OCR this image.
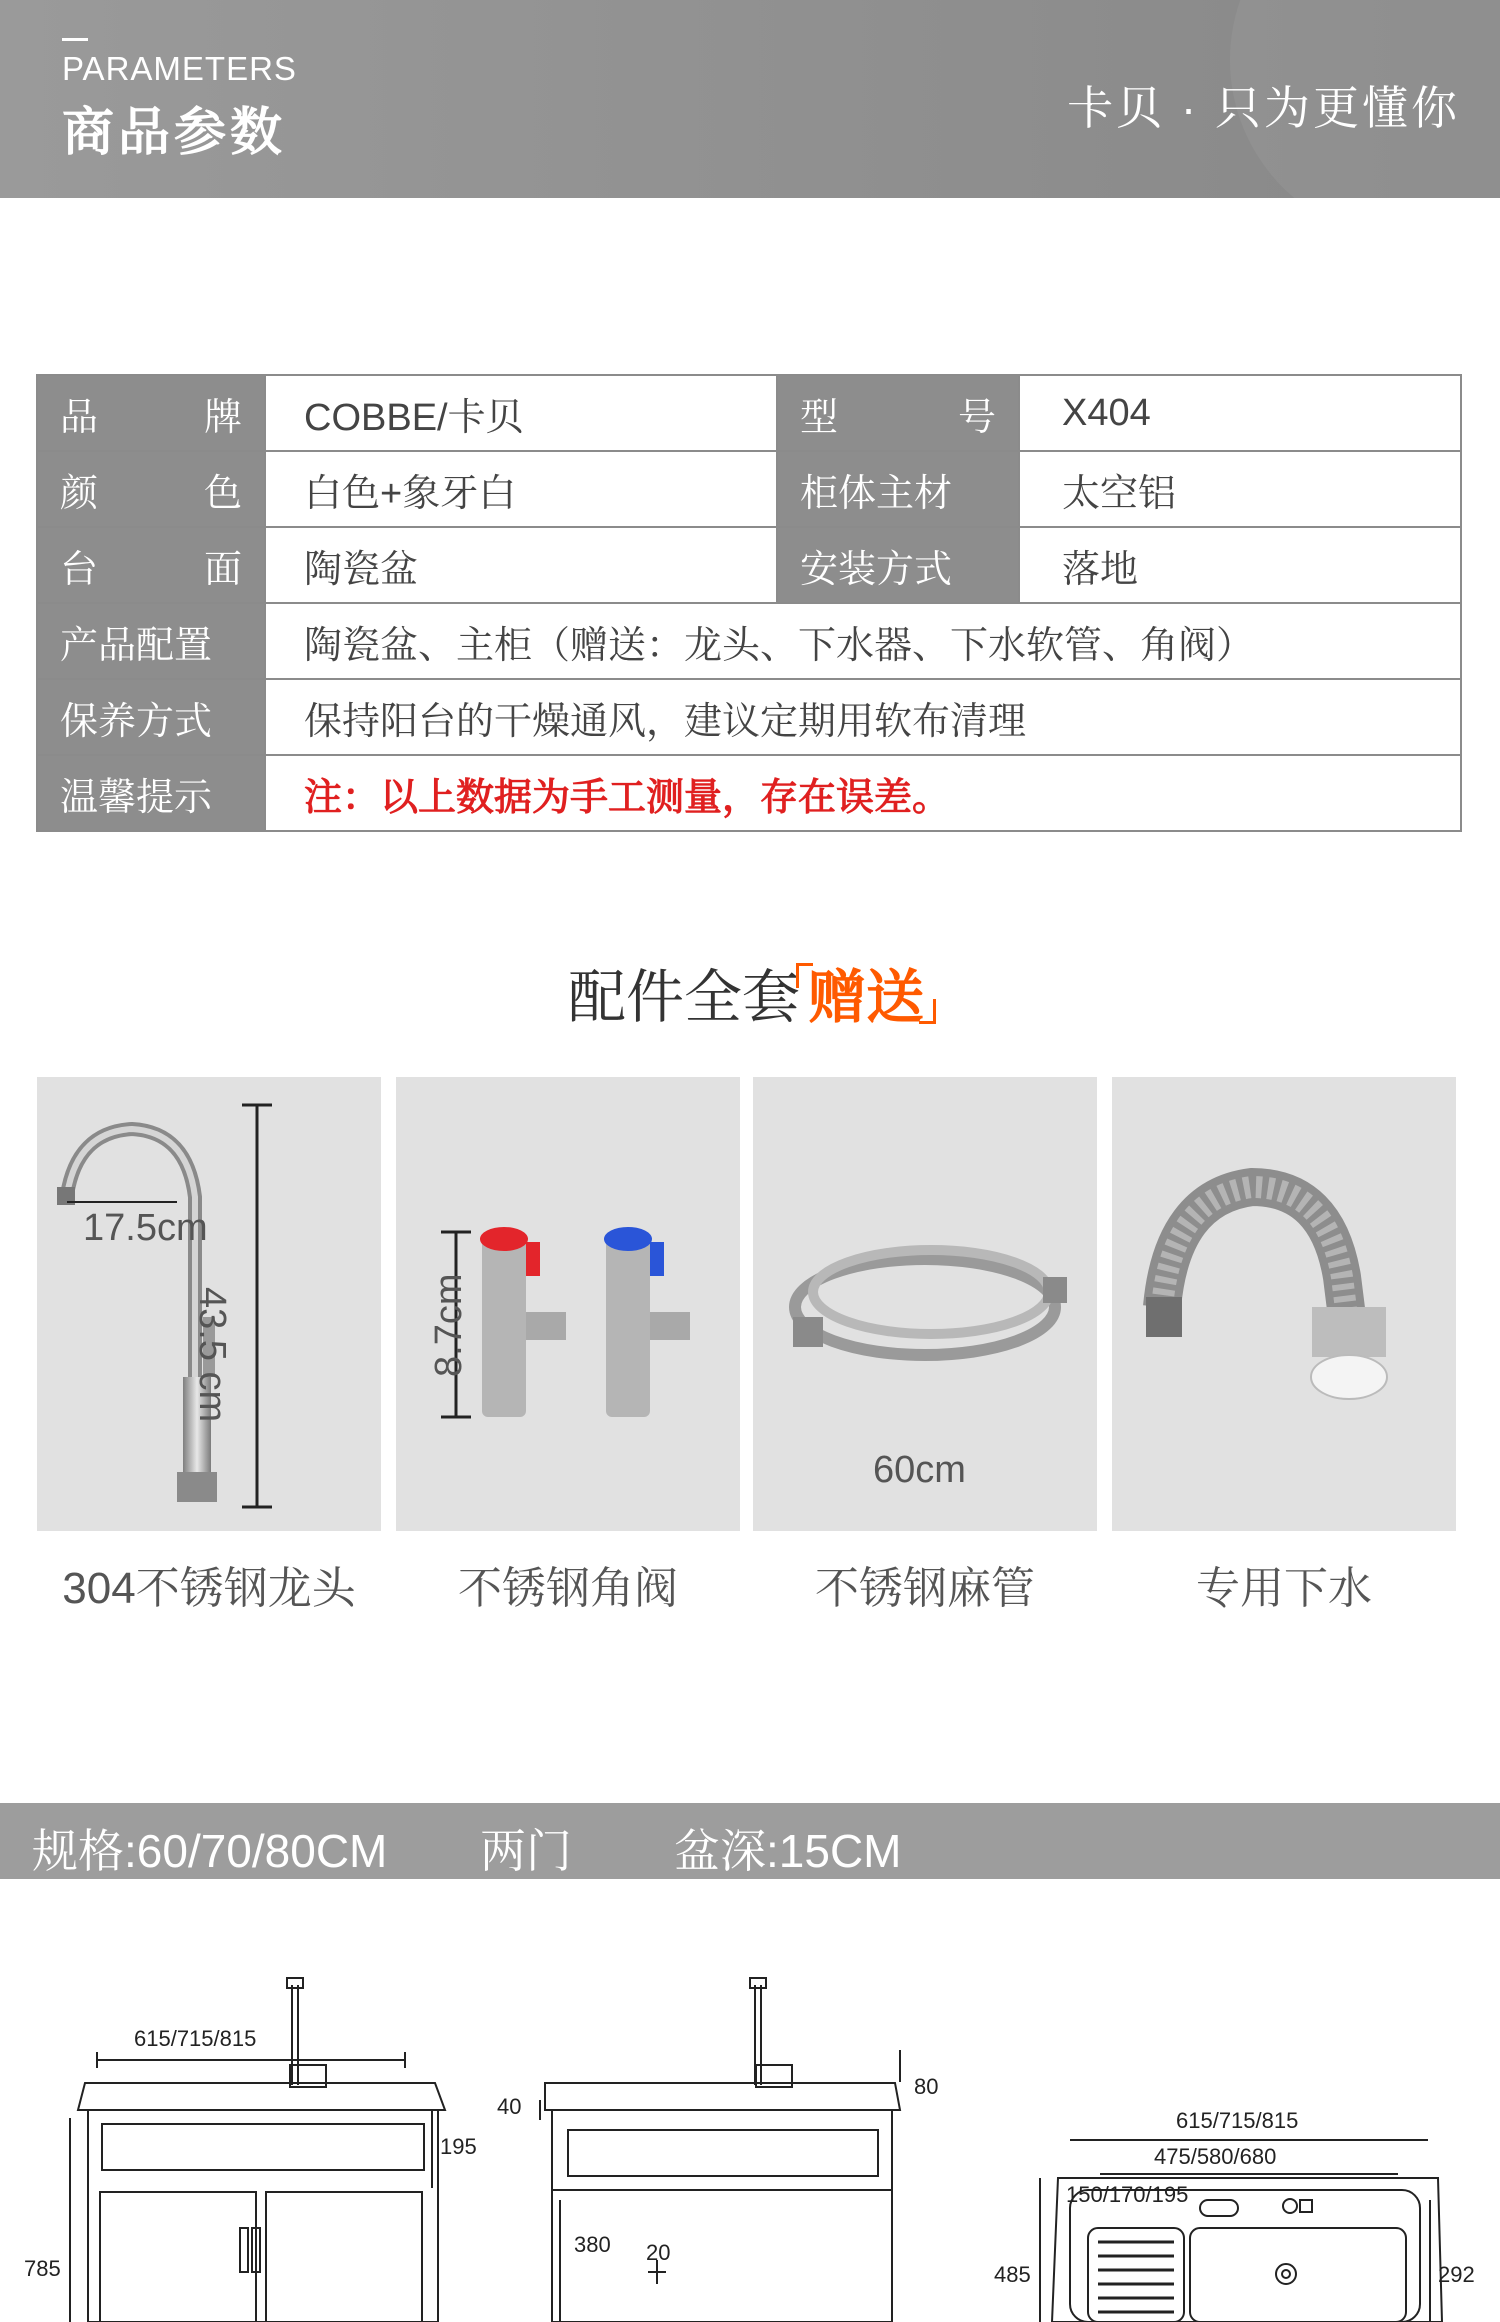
PARAMETERS
商品参数	卡贝 · 只为更懂你
品 牌	COBBE/卡贝	型 号	X404

颜 色	白色+象牙白	柜体主材	太空铝

台 面	陶瓷盆	安装方式	落地
产品配置	陶瓷盆、主柜（赠送：龙头、下水器、下水软管、角阀）		
保养方式	保持阳台的干燥通风，建议定期用软布清理		
温馨提示	注：以上数据为手工测量，存在误差。		
配件全套 赠送
17.5cm
43.5 cm
304不锈钢龙头
8.7cm
不锈钢角阀
60cm
不锈钢麻管	专用下水
规格:60/70/80CM 两门 盆深:15CM
615/715/815
785
195
40
80
380 20
615/715/815
475/580/680
150/170/195
485	292
